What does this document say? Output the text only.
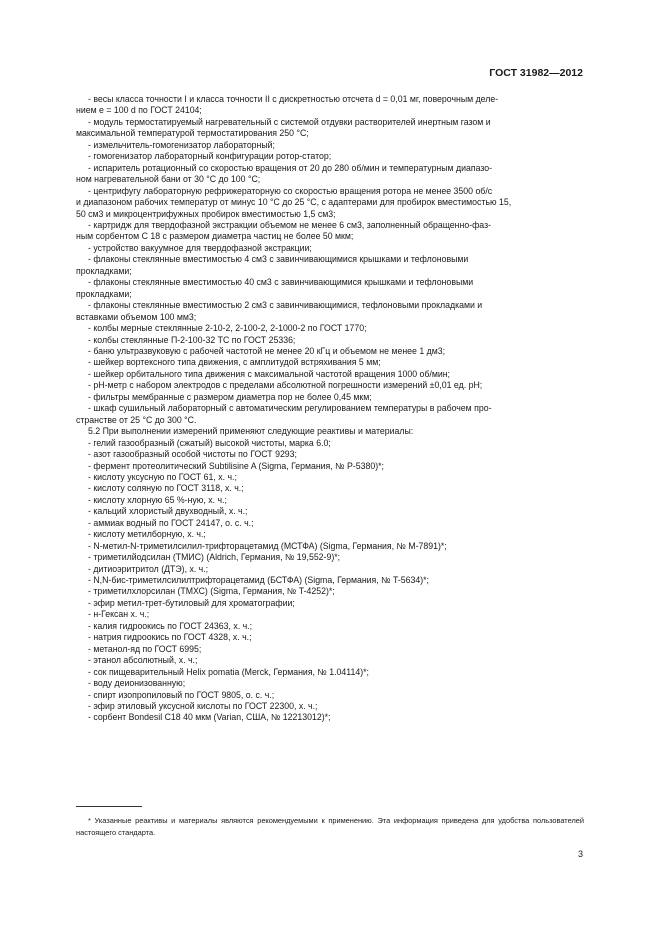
ГОСТ 31982—2012

- весы класса точности I и класса точности II с дискретностью отсчета d = 0,01 мг, поверочным деле-
нием e = 100 d по ГОСТ 24104;

- модуль термостатируемый нагревательный с системой отдувки растворителей инертным газом и
максимальной температурой термостатирования 250 °C;

- измельчитель-гомогенизатор лабораторный;

- гомогенизатор лабораторный конфигурации ротор-статор;

- испаритель ротационный со скоростью вращения от 20 до 280 об/мин и температурным диапазо-
ном нагревательной бани от 30 °C до 100 °C;

- центрифугу лабораторную рефрижераторную со скоростью вращения ротора не менее 3500 об/с
и диапазоном рабочих температур от минус 10 °C до 25 °C, с адаптерами для пробирок вместимостью 15,
50 см3 и микроцентрифужных пробирок вместимостью 1,5 см3;

- картридж для твердофазной экстракции объемом не менее 6 см3, заполненный обращенно-фаз-
ным сорбентом С 18 с размером диаметра частиц не более 50 мкм;

- устройство вакуумное для твердофазной экстракции;

- флаконы стеклянные вместимостью 4 см3 с завинчивающимися крышками и тефлоновыми
прокладками;

- флаконы стеклянные вместимостью 40 см3 с завинчивающимися крышками и тефлоновыми
прокладками;

- флаконы стеклянные вместимостью 2 см3 с завинчивающимися, тефлоновыми прокладками и
вставками объемом 100 мм3;

- колбы мерные стеклянные 2-10-2, 2-100-2, 2-1000-2 по ГОСТ 1770;

- колбы стеклянные П-2-100-32 ТС по ГОСТ 25336;

- баню ультразвуковую с рабочей частотой не менее 20 кГц и объемом не менее 1 дм3;

- шейкер вортексного типа движения, с амплитудой встряхивания 5 мм;

- шейкер орбитального типа движения с максимальной частотой вращения 1000 об/мин;

- рН-метр с набором электродов с пределами абсолютной погрешности измерений ±0,01 ед. рН;

- фильтры мембранные с размером диаметра пор не более 0,45 мкм;

- шкаф сушильный лабораторный с автоматическим регулированием температуры в рабочем про-
странстве от 25 °C до 300 °C.

5.2 При выполнении измерений применяют следующие реактивы и материалы:

- гелий газообразный (сжатый) высокой чистоты, марка 6.0;

- азот газообразный особой чистоты по ГОСТ 9293;

- фермент протеолитический Subtilisine A (Sigma, Германия, № P-5380)*;

- кислоту уксусную по ГОСТ 61, х. ч.;

- кислоту соляную по ГОСТ 3118, х. ч.;

- кислоту хлорную 65 %-ную, х. ч.;

- кальций хлористый двухводный, х. ч.;

- аммиак водный по ГОСТ 24147, о. с. ч.;

- кислоту метилборную, х. ч.;

- N-метил-N-триметилсилил-трифторацетамид (МСТФА) (Sigma, Германия, № M-7891)*;

- триметилйодсилан (ТМИС) (Aldrich, Германия, № 19,552-9)*;

- дитиоэритритол (ДТЭ), х. ч.;

- N,N-бис-триметилсилилтрифторацетамид (БСТФА) (Sigma, Германия, № T-5634)*;

- триметилхлорсилан (ТМХС) (Sigma, Германия, № T-4252)*;

- эфир метил-трет-бутиловый для хроматографии;

- н-Гексан х. ч.;

- калия гидроокись по ГОСТ 24363, х. ч.;

- натрия гидроокись по ГОСТ 4328, х. ч.;

- метанол-яд по ГОСТ 6995;

- этанол абсолютный, х. ч.;

- сок пищеварительный Helix pomatia (Merck, Германия, № 1.04114)*;

- воду деионизованную;

- спирт изопропиловый по ГОСТ 9805, о. с. ч.;

- эфир этиловый уксусной кислоты по ГОСТ 22300, х. ч.;

- сорбент Bondesil C18 40 мкм (Varian, США, № 12213012)*;

* Указанные реактивы и материалы являются рекомендуемыми к применению. Эта информация приведена для удобства пользователей настоящего стандарта.
3
